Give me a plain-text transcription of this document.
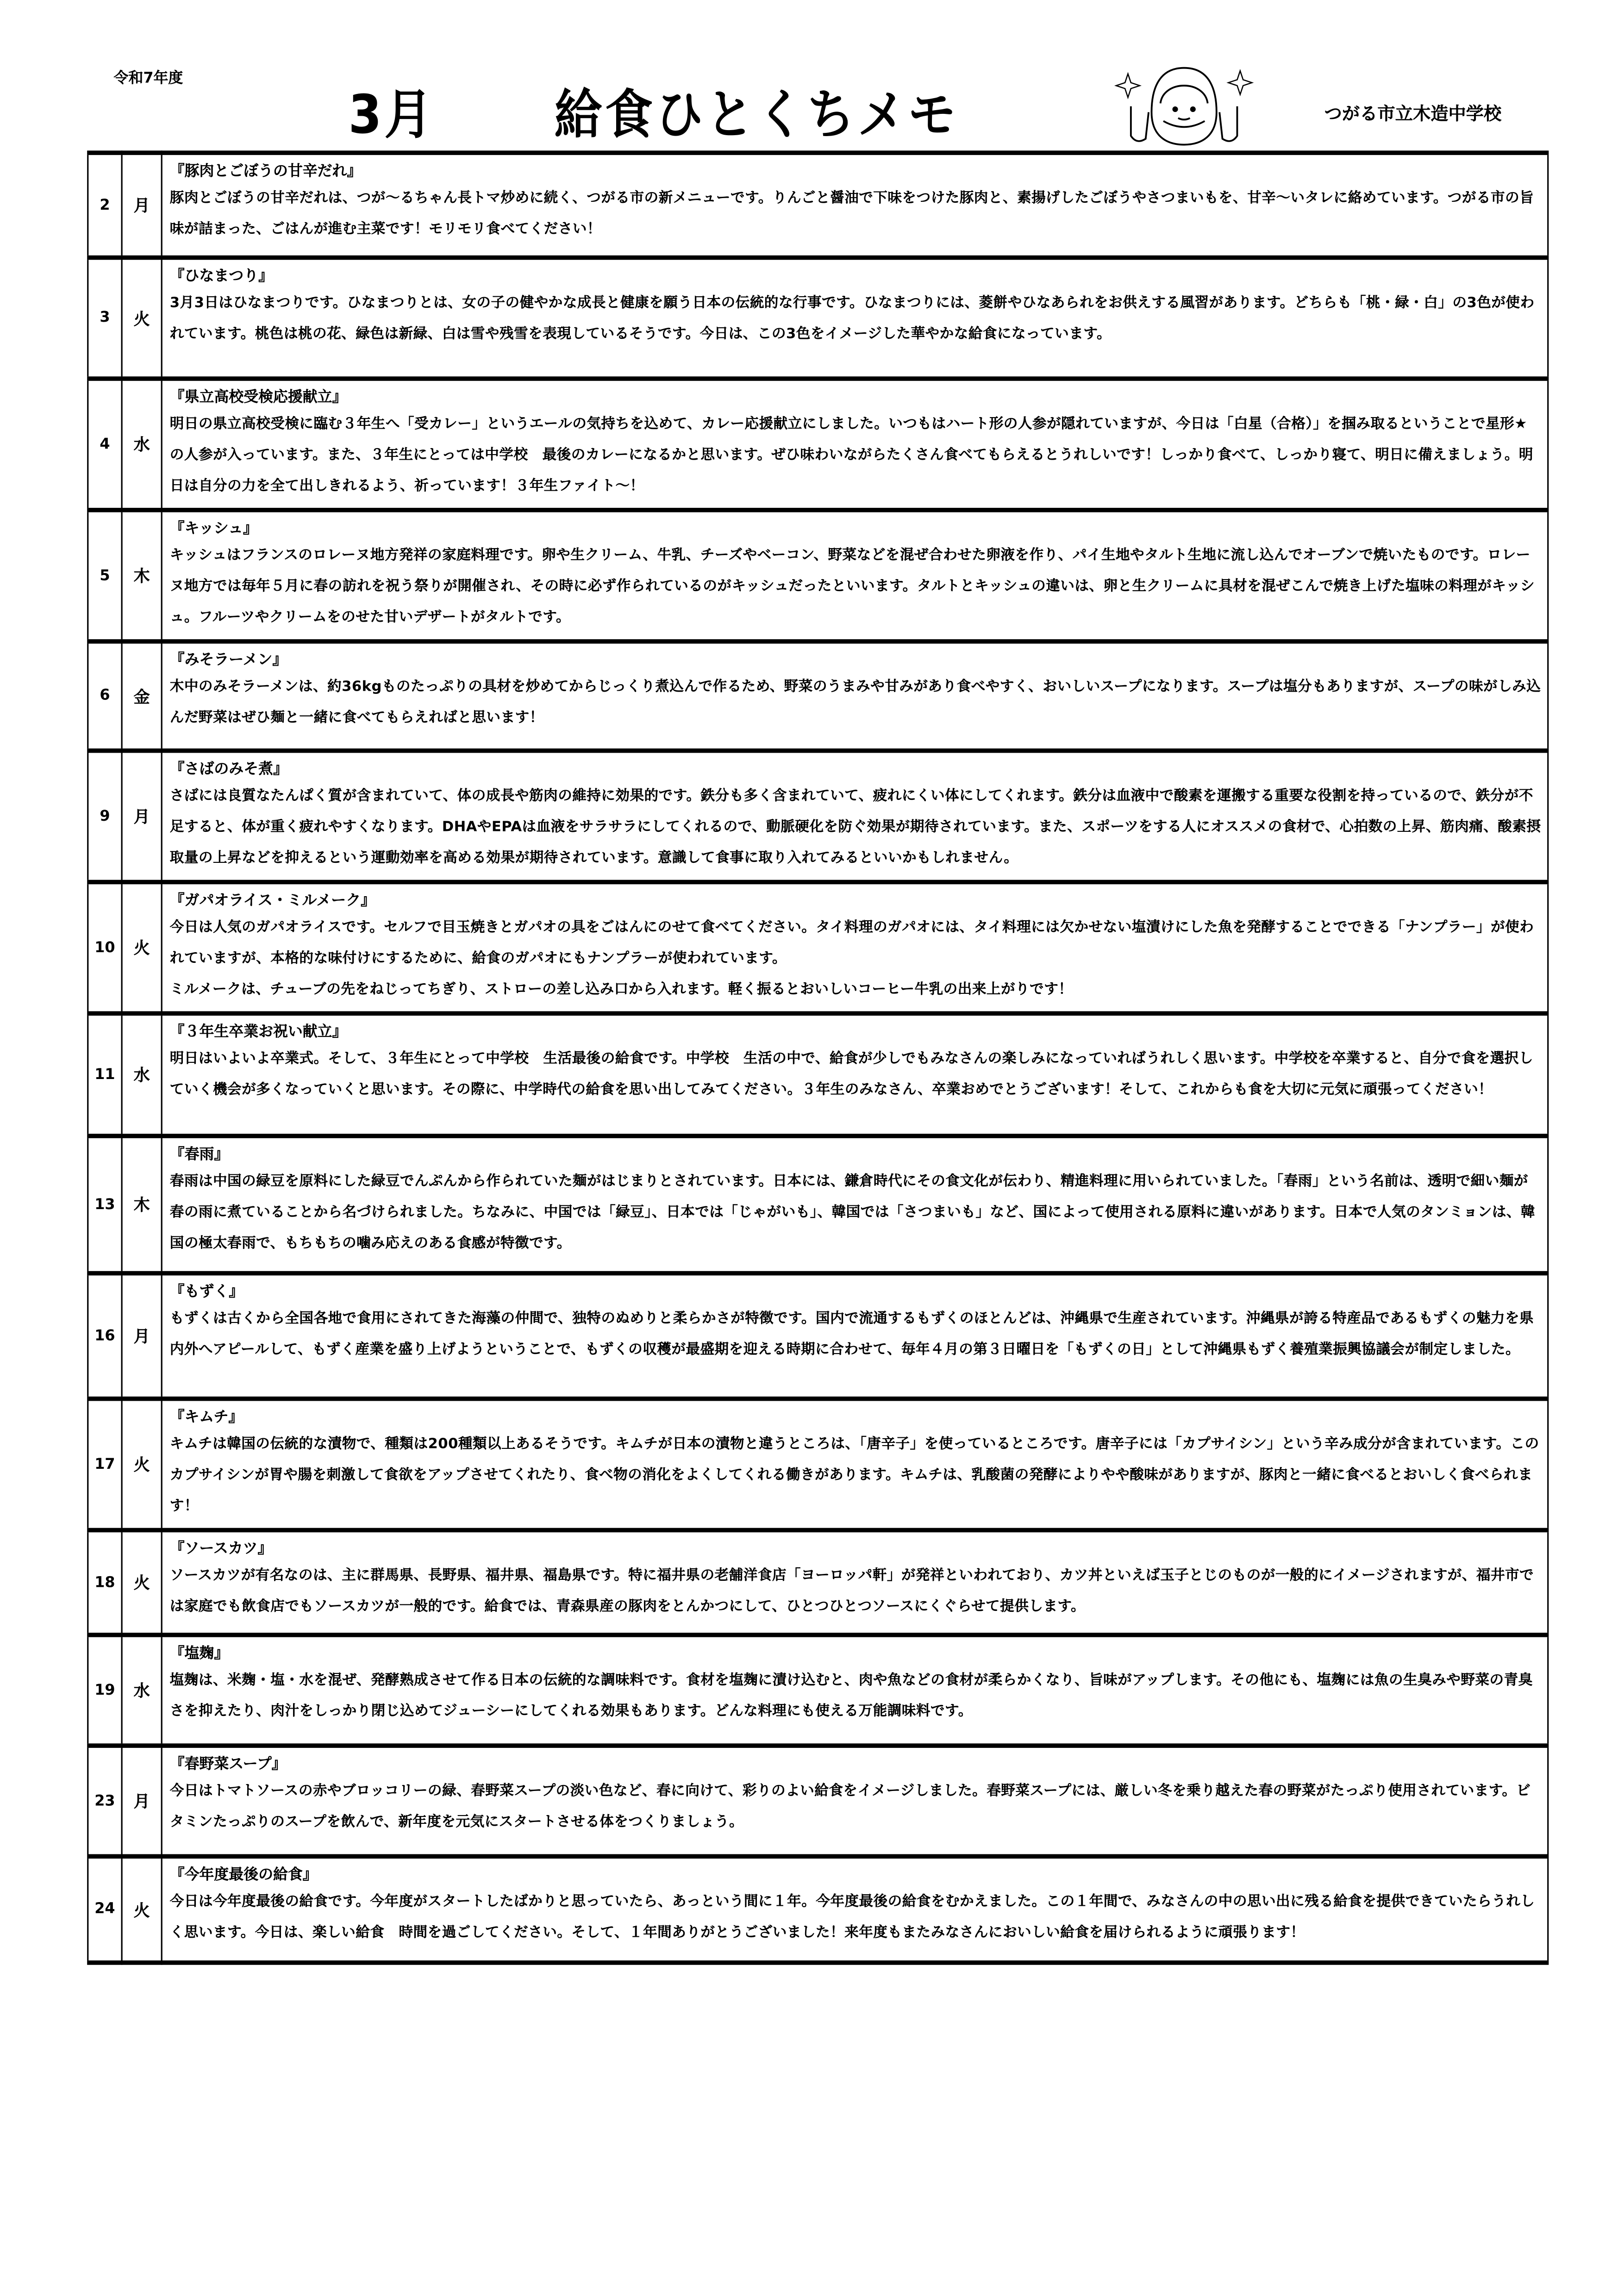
令和7年度
3月	給食ひとくちメモ	つがる市立木造中学校
2	月	『豚肉とごぼうの甘辛だれ』
豚肉とごぼうの甘辛だれは、つが～るちゃん長トマ炒めに続く、つがる市の新メニューです。りんごと醤油で下味をつけた豚肉と、素揚げしたごぼうやさつまいもを、甘辛～いタレに絡めています。つがる市の旨味が詰まった、ごはんが進む主菜です！モリモリ食べてください！

3	火	『ひなまつり』
3月3日はひなまつりです。ひなまつりとは、女の子の健やかな成長と健康を願う日本の伝統的な行事です。ひなまつりには、菱餅やひなあられをお供えする風習があります。どちらも「桃・緑・白」の3色が使われています。桃色は桃の花、緑色は新緑、白は雪や残雪を表現しているそうです。今日は、この3色をイメージした華やかな給食になっています。

4	水	『県立高校受検応援献立』
明日の県立高校受検に臨む３年生へ「受カレー」というエールの気持ちを込めて、カレー応援献立にしました。いつもはハート形の人参が隠れていますが、今日は「白星（合格）」を掴み取るということで星形★の人参が入っています。また、３年生にとっては中学校　最後のカレーになるかと思います。ぜひ味わいながらたくさん食べてもらえるとうれしいです！しっかり食べて、しっかり寝て、明日に備えましょう。明日は自分の力を全て出しきれるよう、祈っています！３年生ファイト～！

5	木	『キッシュ』
キッシュはフランスのロレーヌ地方発祥の家庭料理です。卵や生クリーム、牛乳、チーズやベーコン、野菜などを混ぜ合わせた卵液を作り、パイ生地やタルト生地に流し込んでオーブンで焼いたものです。ロレーヌ地方では毎年５月に春の訪れを祝う祭りが開催され、その時に必ず作られているのがキッシュだったといいます。タルトとキッシュの違いは、卵と生クリームに具材を混ぜこんで焼き上げた塩味の料理がキッシュ。フルーツやクリームをのせた甘いデザートがタルトです。

6	金	『みそラーメン』
木中のみそラーメンは、約36kgものたっぷりの具材を炒めてからじっくり煮込んで作るため、野菜のうまみや甘みがあり食べやすく、おいしいスープになります。スープは塩分もありますが、スープの味がしみ込んだ野菜はぜひ麺と一緒に食べてもらえればと思います！

9	月	『さばのみそ煮』
さばには良質なたんぱく質が含まれていて、体の成長や筋肉の維持に効果的です。鉄分も多く含まれていて、疲れにくい体にしてくれます。鉄分は血液中で酸素を運搬する重要な役割を持っているので、鉄分が不足すると、体が重く疲れやすくなります。DHAやEPAは血液をサラサラにしてくれるので、動脈硬化を防ぐ効果が期待されています。また、スポーツをする人にオススメの食材で、心拍数の上昇、筋肉痛、酸素摂取量の上昇などを抑えるという運動効率を高める効果が期待されています。意識して食事に取り入れてみるといいかもしれません。

10	火	『ガパオライス・ミルメーク』
今日は人気のガパオライスです。セルフで目玉焼きとガパオの具をごはんにのせて食べてください。タイ料理のガパオには、タイ料理には欠かせない塩漬けにした魚を発酵することでできる「ナンプラー」が使われていますが、本格的な味付けにするために、給食のガパオにもナンプラーが使われています。
ミルメークは、チューブの先をねじってちぎり、ストローの差し込み口から入れます。軽く振るとおいしいコーヒー牛乳の出来上がりです！

11	水	『３年生卒業お祝い献立』
明日はいよいよ卒業式。そして、３年生にとって中学校　生活最後の給食です。中学校　生活の中で、給食が少しでもみなさんの楽しみになっていればうれしく思います。中学校を卒業すると、自分で食を選択していく機会が多くなっていくと思います。その際に、中学時代の給食を思い出してみてください。３年生のみなさん、卒業おめでとうございます！そして、これからも食を大切に元気に頑張ってください！

13	木	『春雨』
春雨は中国の緑豆を原料にした緑豆でんぷんから作られていた麺がはじまりとされています。日本には、鎌倉時代にその食文化が伝わり、精進料理に用いられていました。「春雨」という名前は、透明で細い麺が春の雨に煮ていることから名づけられました。ちなみに、中国では「緑豆」、日本では「じゃがいも」、韓国では「さつまいも」など、国によって使用される原料に違いがあります。日本で人気のタンミョンは、韓国の極太春雨で、もちもちの噛み応えのある食感が特徴です。

16	月	『もずく』
もずくは古くから全国各地で食用にされてきた海藻の仲間で、独特のぬめりと柔らかさが特徴です。国内で流通するもずくのほとんどは、沖縄県で生産されています。沖縄県が誇る特産品であるもずくの魅力を県内外へアピールして、もずく産業を盛り上げようということで、もずくの収穫が最盛期を迎える時期に合わせて、毎年４月の第３日曜日を「もずくの日」として沖縄県もずく養殖業振興協議会が制定しました。

17	火	『キムチ』
キムチは韓国の伝統的な漬物で、種類は200種類以上あるそうです。キムチが日本の漬物と違うところは、「唐辛子」を使っているところです。唐辛子には「カプサイシン」という辛み成分が含まれています。このカプサイシンが胃や腸を刺激して食欲をアップさせてくれたり、食べ物の消化をよくしてくれる働きがあります。キムチは、乳酸菌の発酵によりやや酸味がありますが、豚肉と一緒に食べるとおいしく食べられます！

18	火	『ソースカツ』
ソースカツが有名なのは、主に群馬県、長野県、福井県、福島県です。特に福井県の老舗洋食店「ヨーロッパ軒」が発祥といわれており、カツ丼といえば玉子とじのものが一般的にイメージされますが、福井市では家庭でも飲食店でもソースカツが一般的です。給食では、青森県産の豚肉をとんかつにして、ひとつひとつソースにくぐらせて提供します。

19	水	『塩麹』
塩麹は、米麹・塩・水を混ぜ、発酵熟成させて作る日本の伝統的な調味料です。食材を塩麹に漬け込むと、肉や魚などの食材が柔らかくなり、旨味がアップします。その他にも、塩麹には魚の生臭みや野菜の青臭さを抑えたり、肉汁をしっかり閉じ込めてジューシーにしてくれる効果もあります。どんな料理にも使える万能調味料です。

23	月	『春野菜スープ』
今日はトマトソースの赤やブロッコリーの緑、春野菜スープの淡い色など、春に向けて、彩りのよい給食をイメージしました。春野菜スープには、厳しい冬を乗り越えた春の野菜がたっぷり使用されています。ビタミンたっぷりのスープを飲んで、新年度を元気にスタートさせる体をつくりましょう。

24	火	『今年度最後の給食』
今日は今年度最後の給食です。今年度がスタートしたばかりと思っていたら、あっという間に１年。今年度最後の給食をむかえました。この１年間で、みなさんの中の思い出に残る給食を提供できていたらうれしく思います。今日は、楽しい給食　時間を過ごしてください。そして、１年間ありがとうございました！来年度もまたみなさんにおいしい給食を届けられるように頑張ります！
